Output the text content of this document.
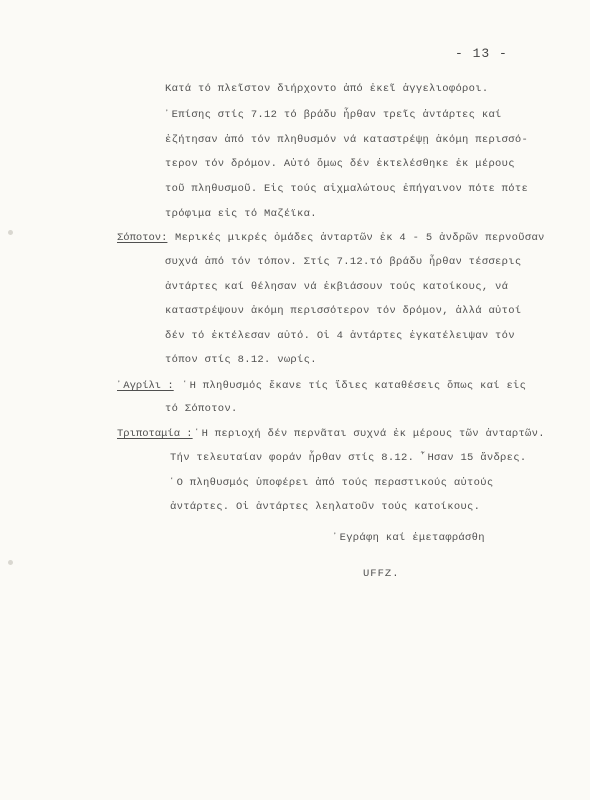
- 13 -
Κατά τό πλεῖστον διήρχοντο ἀπό ἐκεῖ ἀγγελιοφόροι.
᾽Επίσης στίς 7.12 τό βράδυ ἦρθαν τρεῖς ἀντάρτες καί
ἐζήτησαν ἀπό τόν πληθυσμόν νά καταστρέψῃ ἀκόμη περισσό-
τερον τόν δρόμον. Αὐτό ὅμως δέν ἐκτελέσθηκε ἐκ μέρους
τοῦ πληθυσμοῦ. Εἰς τούς αἰχμαλώτους ἐπήγαινον πότε πότε
τρόφιμα εἰς τό Μαζέϊκα.
Σόποτον: Μερικές μικρές ὁμάδες ἀνταρτῶν ἐκ 4 - 5 ἀνδρῶν περνοῦσαν
συχνά ἀπό τόν τόπον. Στίς 7.12.τό βράδυ ἦρθαν τέσσερις
ἀντάρτες καί θέλησαν νά ἐκβιάσουν τούς κατοίκους, νά
καταστρέψουν ἀκόμη περισσότερον τόν δρόμον, ἀλλά αὐτοί
δέν τό ἐκτέλεσαν αὐτό. Οἱ 4 ἀντάρτες ἐγκατέλειψαν τόν
τόπον στίς 8.12. νωρίς.
᾽Αγρίλι : ῾Η πληθυσμός ἔκανε τίς ἴδιες καταθέσεις ὅπως καί εἰς
τό Σόποτον.
Τριποταμία : ῾Η περιοχή δέν περνᾶται συχνά ἐκ μέρους τῶν ἀνταρτῶν.
Τήν τελευταίαν φοράν ἦρθαν στίς 8.12. ῏Ησαν 15 ἄνδρες.
῾Ο πληθυσμός ὑποφέρει ἀπό τούς περαστικούς αὐτούς
ἀντάρτες. Οἱ ἀντάρτες λεηλατοῦν τούς κατοίκους.
᾽Εγράφη καί ἐμεταφράσθη
UFFZ.
